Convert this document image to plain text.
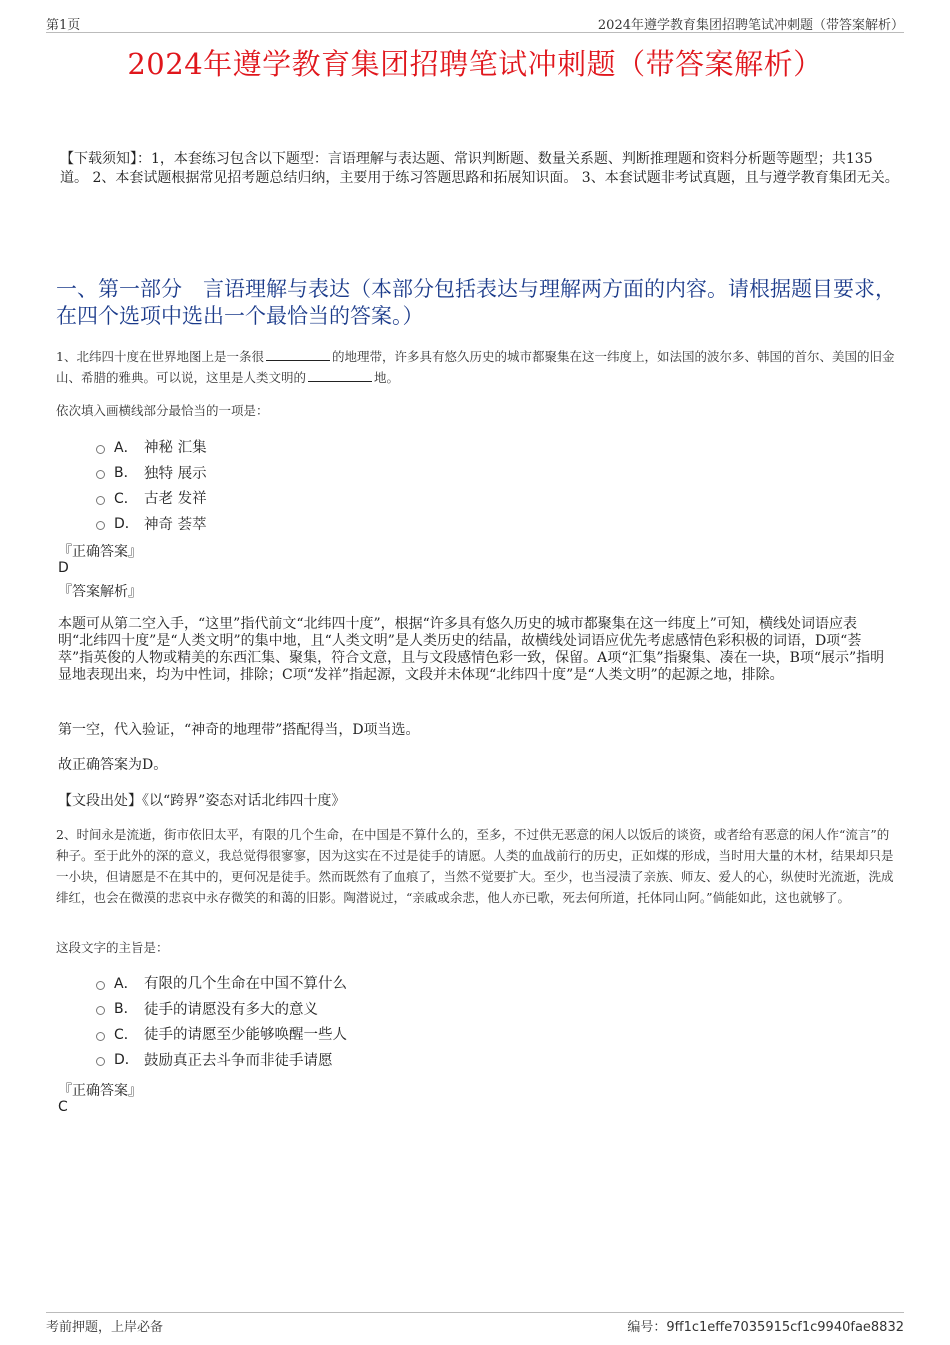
第1页	2024年遵学教育集团招聘笔试冲刺题（带答案解析）
2024年遵学教育集团招聘笔试冲刺题（带答案解析）
【下载须知】：1，本套练习包含以下题型：言语理解与表达题、常识判断题、数量关系题、判断推理题和资料分析题等题型；共135道。 2、本套试题根据常见招考题总结归纳，主要用于练习答题思路和拓展知识面。 3、本套试题非考试真题，且与遵学教育集团无关。
一、第一部分　言语理解与表达（本部分包括表达与理解两方面的内容。请根据题目要求，在四个选项中选出一个最恰当的答案。）
1、北纬四十度在世界地图上是一条很	的地理带，许多具有悠久历史的城市都聚集在这一纬度上，如法国的波尔多、韩国的首尔、美国的旧金山、希腊的雅典。可以说，这里是人类文明的	地。
依次填入画横线部分最恰当的一项是：
A． 神秘 汇集
B． 独特 展示
C． 古老 发祥
D． 神奇 荟萃
『正确答案』
D
『答案解析』
本题可从第二空入手，“这里”指代前文“北纬四十度”，根据“许多具有悠久历史的城市都聚集在这一纬度上”可知，横线处词语应表明“北纬四十度”是“人类文明”的集中地，且“人类文明”是人类历史的结晶，故横线处词语应优先考虑感情色彩积极的词语，D项“荟萃”指英俊的人物或精美的东西汇集、聚集，符合文意，且与文段感情色彩一致，保留。A项“汇集”指聚集、凑在一块，B项“展示”指明显地表现出来，均为中性词，排除；C项“发祥”指起源，文段并未体现“北纬四十度”是“人类文明”的起源之地，排除。
第一空，代入验证，“神奇的地理带”搭配得当，D项当选。
故正确答案为D。
【文段出处】《以“跨界”姿态对话北纬四十度》
2、时间永是流逝，街市依旧太平，有限的几个生命，在中国是不算什么的，至多，不过供无恶意的闲人以饭后的谈资，或者给有恶意的闲人作“流言”的种子。至于此外的深的意义，我总觉得很寥寥，因为这实在不过是徒手的请愿。人类的血战前行的历史，正如煤的形成，当时用大量的木材，结果却只是一小块，但请愿是不在其中的，更何况是徒手。然而既然有了血痕了，当然不觉要扩大。至少，也当浸渍了亲族、师友、爱人的心，纵使时光流逝，洗成绯红，也会在微漠的悲哀中永存微笑的和蔼的旧影。陶潜说过，“亲戚或余悲，他人亦已歌，死去何所道，托体同山阿。”倘能如此，这也就够了。
这段文字的主旨是：
A． 有限的几个生命在中国不算什么
B． 徒手的请愿没有多大的意义
C． 徒手的请愿至少能够唤醒一些人
D． 鼓励真正去斗争而非徒手请愿
『正确答案』
C
考前押题，上岸必备	编号：9ff1c1effe7035915cf1c9940fae8832
